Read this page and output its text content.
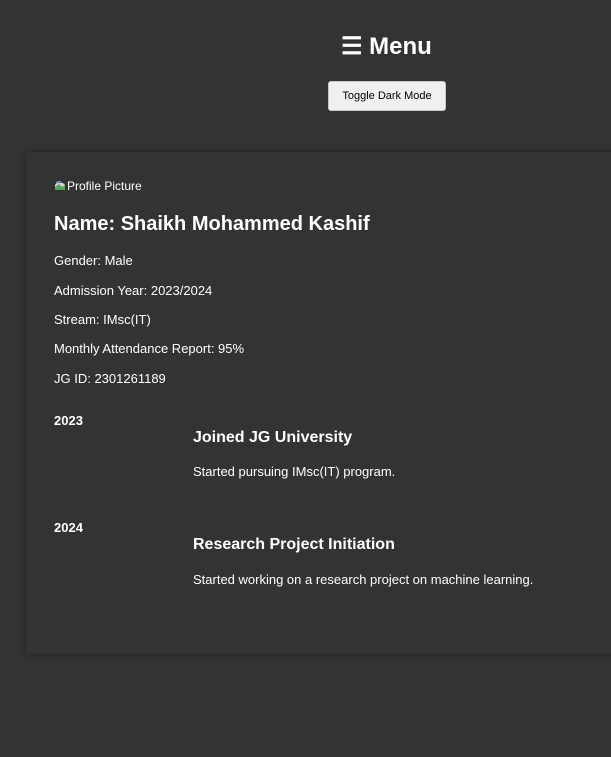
☰ Menu
Toggle Dark Mode
Profile Picture
Name: Shaikh Mohammed Kashif
Gender: Male
Admission Year: 2023/2024
Stream: IMsc(IT)
Monthly Attendance Report: 95%
JG ID: 2301261189
2023
Joined JG University
Started pursuing IMsc(IT) program.
2024
Research Project Initiation
Started working on a research project on machine learning.
